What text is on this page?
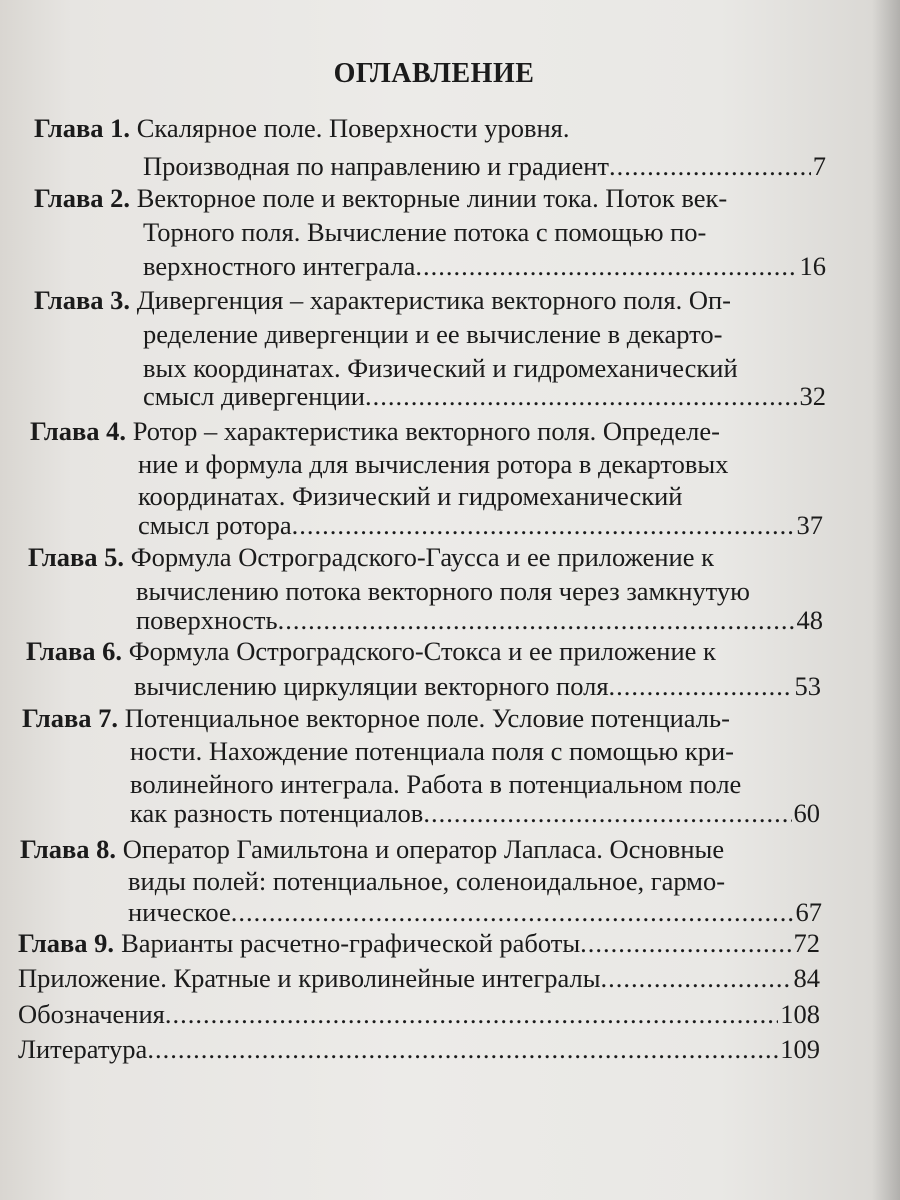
ОГЛАВЛЕНИЕ
Глава 1. Скалярное поле. Поверхности уровня.
Производная по направлению и градиент .....	7
Глава 2. Векторное поле и векторные линии тока. Поток век-
Торного поля. Вычисление потока с помощью по-
верхностного интеграла .....	16
Глава 3. Дивергенция – характеристика векторного поля. Оп-
ределение дивергенции и ее вычисление в декарто-
вых координатах. Физический и гидромеханический
смысл дивергенции .....	32
Глава 4. Ротор – характеристика векторного поля. Определе-
ние и формула для вычисления ротора в декартовых
координатах. Физический и гидромеханический
смысл ротора .....	37
Глава 5. Формула Остроградского-Гаусса и ее приложение к
вычислению потока векторного поля через замкнутую
поверхность .....	48
Глава 6. Формула Остроградского-Стокса и ее приложение к
вычислению циркуляции векторного поля .....	53
Глава 7. Потенциальное векторное поле. Условие потенциаль-
ности. Нахождение потенциала поля с помощью кри-
волинейного интеграла. Работа в потенциальном поле
как разность потенциалов .....	60
Глава 8. Оператор Гамильтона и оператор Лапласа. Основные
виды полей: потенциальное, соленоидальное, гармо-
ническое .....	67
Глава 9. Варианты расчетно-графической работы .....	72
Приложение. Кратные и криволинейные интегралы .....	84
Обозначения .....	108
Литература .....	109
